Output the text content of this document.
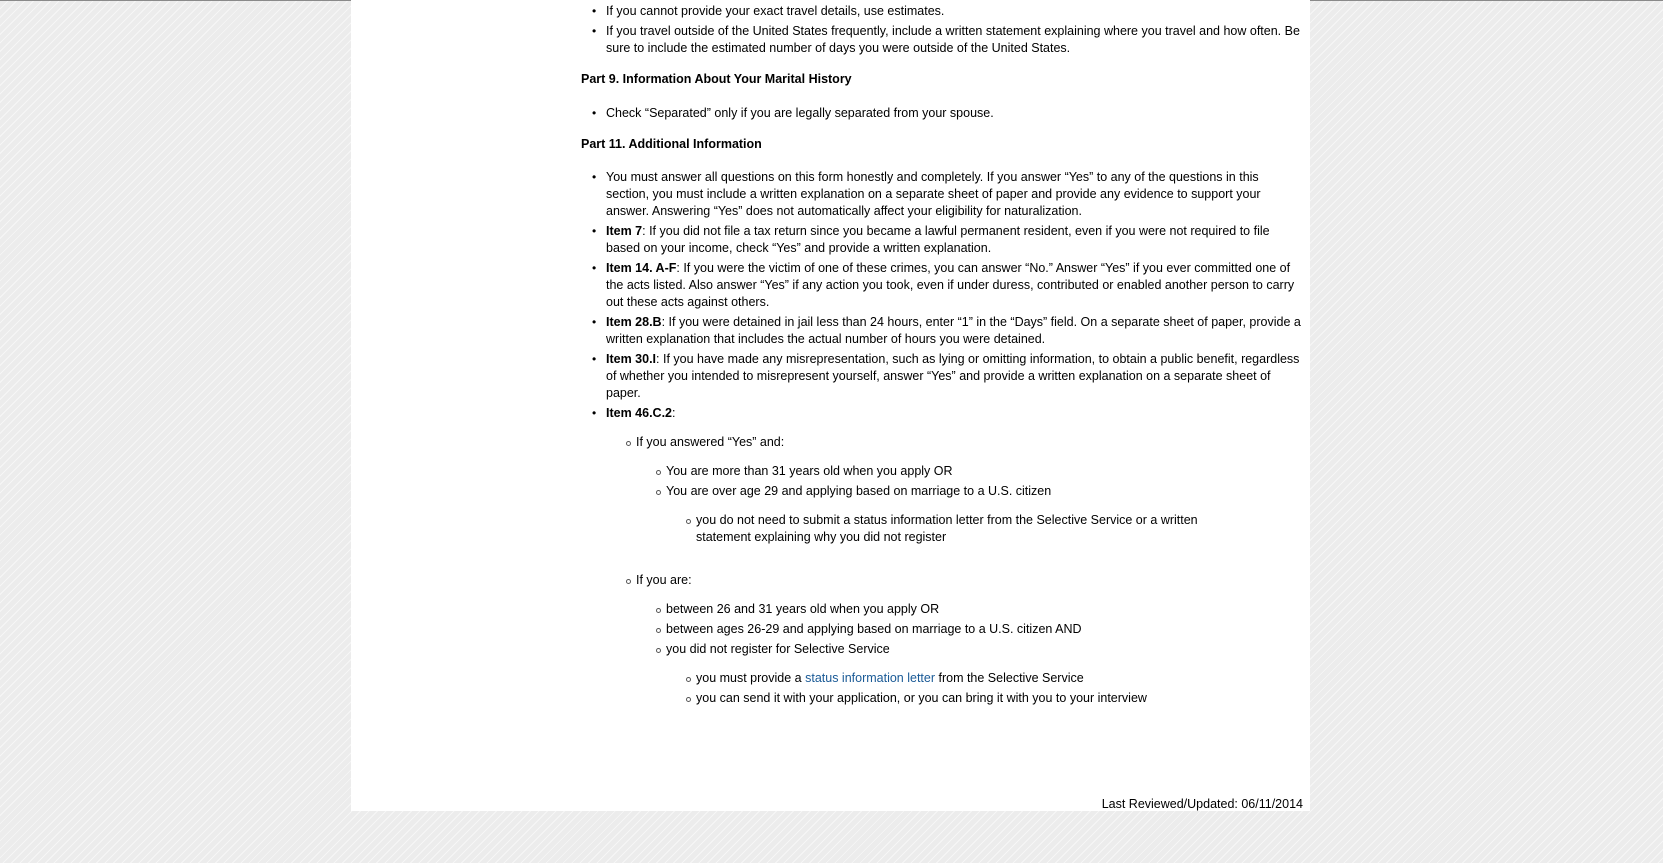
• If you cannot provide your exact travel details, use estimates.
• If you travel outside of the United States frequently, include a written statement explaining where you travel and how often. Be sure to include the estimated number of days you were outside of the United States.
Part 9. Information About Your Marital History
• Check “Separated” only if you are legally separated from your spouse.
Part 11. Additional Information
• You must answer all questions on this form honestly and completely. If you answer “Yes” to any of the questions in this section, you must include a written explanation on a separate sheet of paper and provide any evidence to support your answer. Answering “Yes” does not automatically affect your eligibility for naturalization.
• Item 7: If you did not file a tax return since you became a lawful permanent resident, even if you were not required to file based on your income, check “Yes” and provide a written explanation.
• Item 14. A-F: If you were the victim of one of these crimes, you can answer “No.” Answer “Yes” if you ever committed one of the acts listed. Also answer “Yes” if any action you took, even if under duress, contributed or enabled another person to carry out these acts against others.
• Item 28.B: If you were detained in jail less than 24 hours, enter “1” in the “Days” field. On a separate sheet of paper, provide a written explanation that includes the actual number of hours you were detained.
• Item 30.I: If you have made any misrepresentation, such as lying or omitting information, to obtain a public benefit, regardless of whether you intended to misrepresent yourself, answer “Yes” and provide a written explanation on a separate sheet of paper.
• Item 46.C.2:
If you answered “Yes” and:
You are more than 31 years old when you apply OR
You are over age 29 and applying based on marriage to a U.S. citizen
you do not need to submit a status information letter from the Selective Service or a written statement explaining why you did not register
If you are:
between 26 and 31 years old when you apply OR
between ages 26-29 and applying based on marriage to a U.S. citizen AND
you did not register for Selective Service
you must provide a status information letter from the Selective Service
you can send it with your application, or you can bring it with you to your interview
Last Reviewed/Updated: 06/11/2014
